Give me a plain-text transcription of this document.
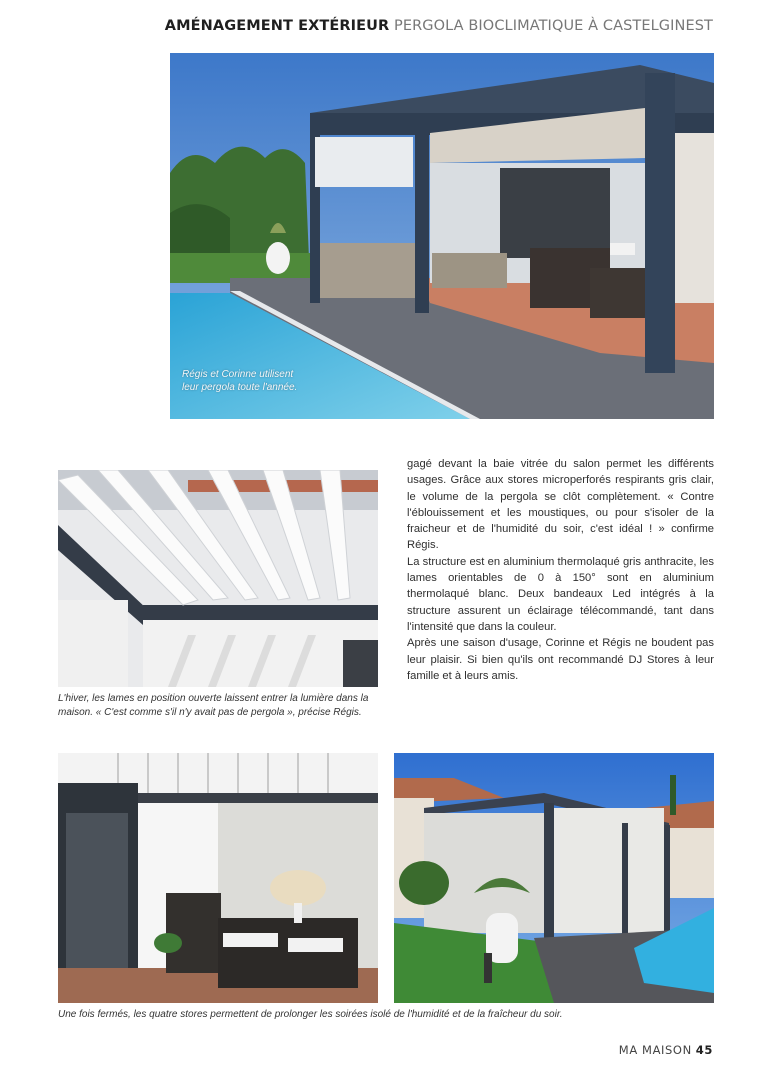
AMÉNAGEMENT EXTÉRIEUR PERGOLA BIOCLIMATIQUE À CASTELGINEST
Régis et Corinne utilisent leur pergola toute l'année.
L'hiver, les lames en position ouverte laissent entrer la lumière dans la maison. « C'est comme s'il n'y avait pas de pergola », précise Régis.

gagé devant la baie vitrée du salon permet les différents usages. Grâce aux stores microperforés respirants gris clair, le volume de la pergola se clôt complètement. « Contre l'éblouissement et les moustiques, ou pour s'isoler de la fraicheur et de l'humidité du soir, c'est idéal ! » confirme Régis.

La structure est en aluminium thermolaqué gris anthracite, les lames orientables de 0 à 150° sont en aluminium thermolaqué blanc. Deux bandeaux Led intégrés à la structure assurent un éclairage télécommandé, tant dans l'intensité que dans la couleur.

Après une saison d'usage, Corinne et Régis ne boudent pas leur plaisir. Si bien qu'ils ont recommandé DJ Stores à leur famille et à leurs amis.

Une fois fermés, les quatre stores permettent de prolonger les soirées isolé de l'humidité et de la fraîcheur du soir.
MA MAISON 45
